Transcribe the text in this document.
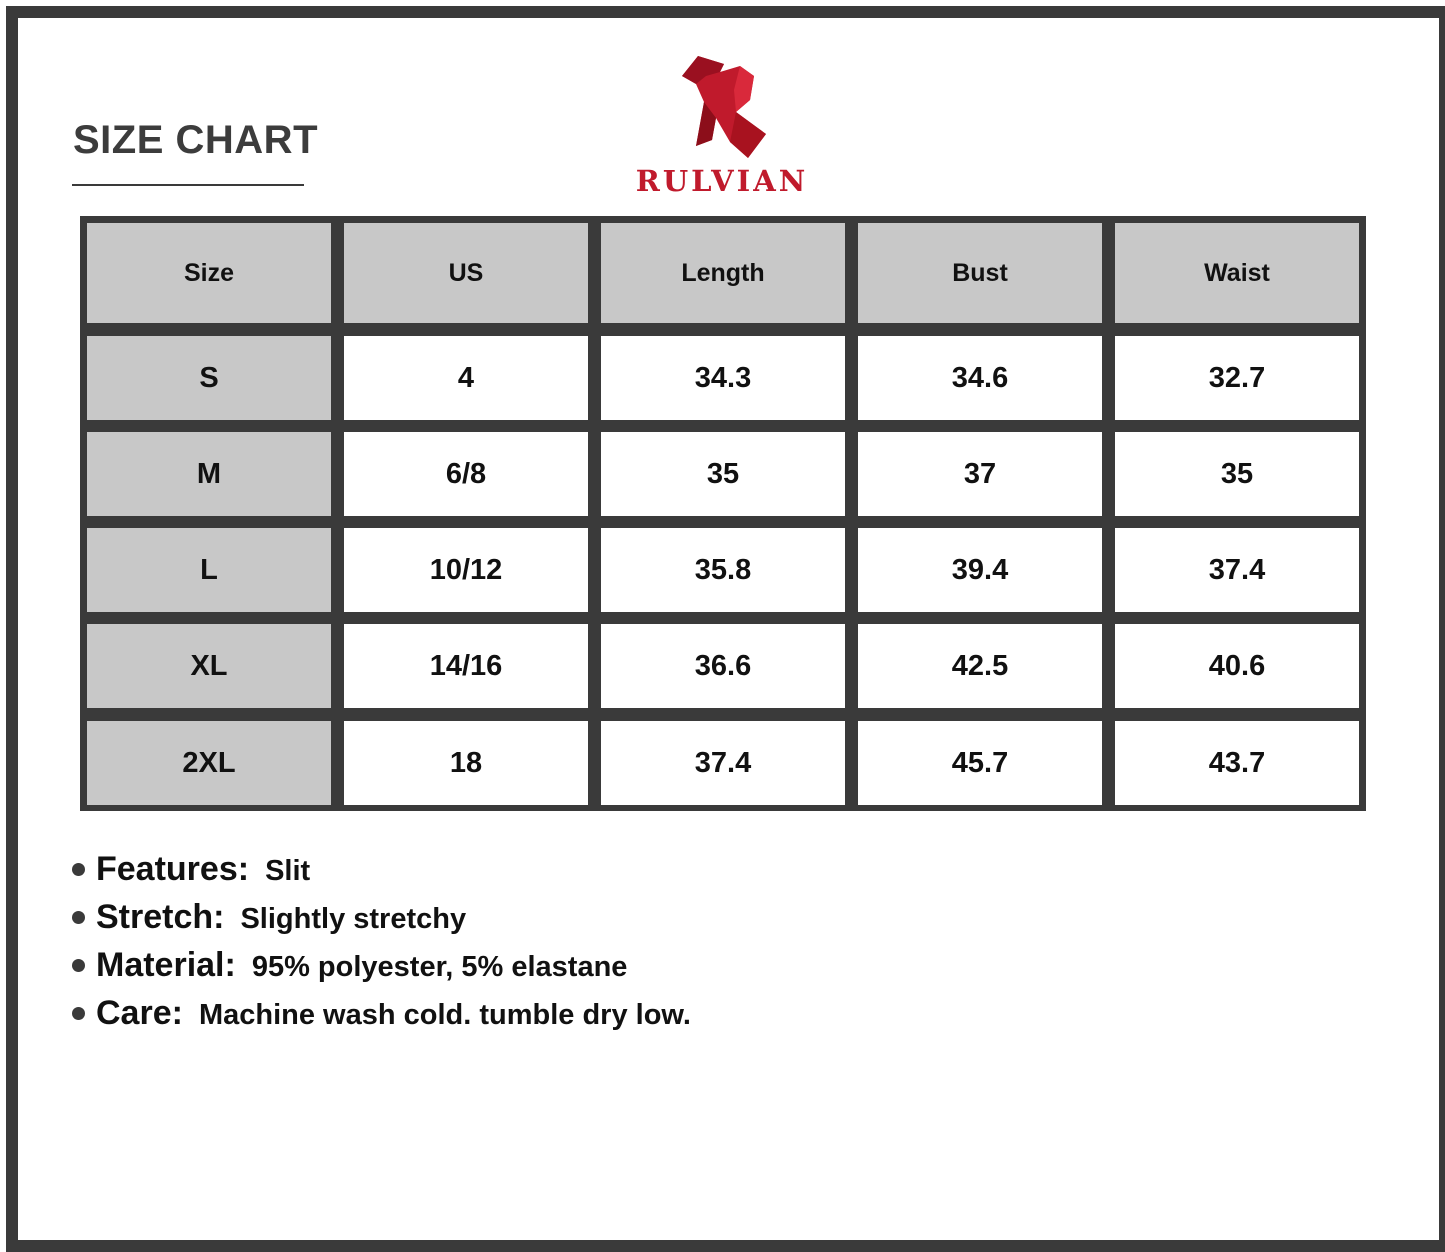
SIZE CHART
RULVIAN
Size	US	Length	Bust	Waist
S	4	34.3	34.6	32.7
M	6/8	35	37	35
L	10/12	35.8	39.4	37.4
XL	14/16	36.6	42.5	40.6
2XL	18	37.4	45.7	43.7
Features: Slit
Stretch: Slightly stretchy
Material: 95% polyester, 5% elastane
Care: Machine wash cold. tumble dry low.
